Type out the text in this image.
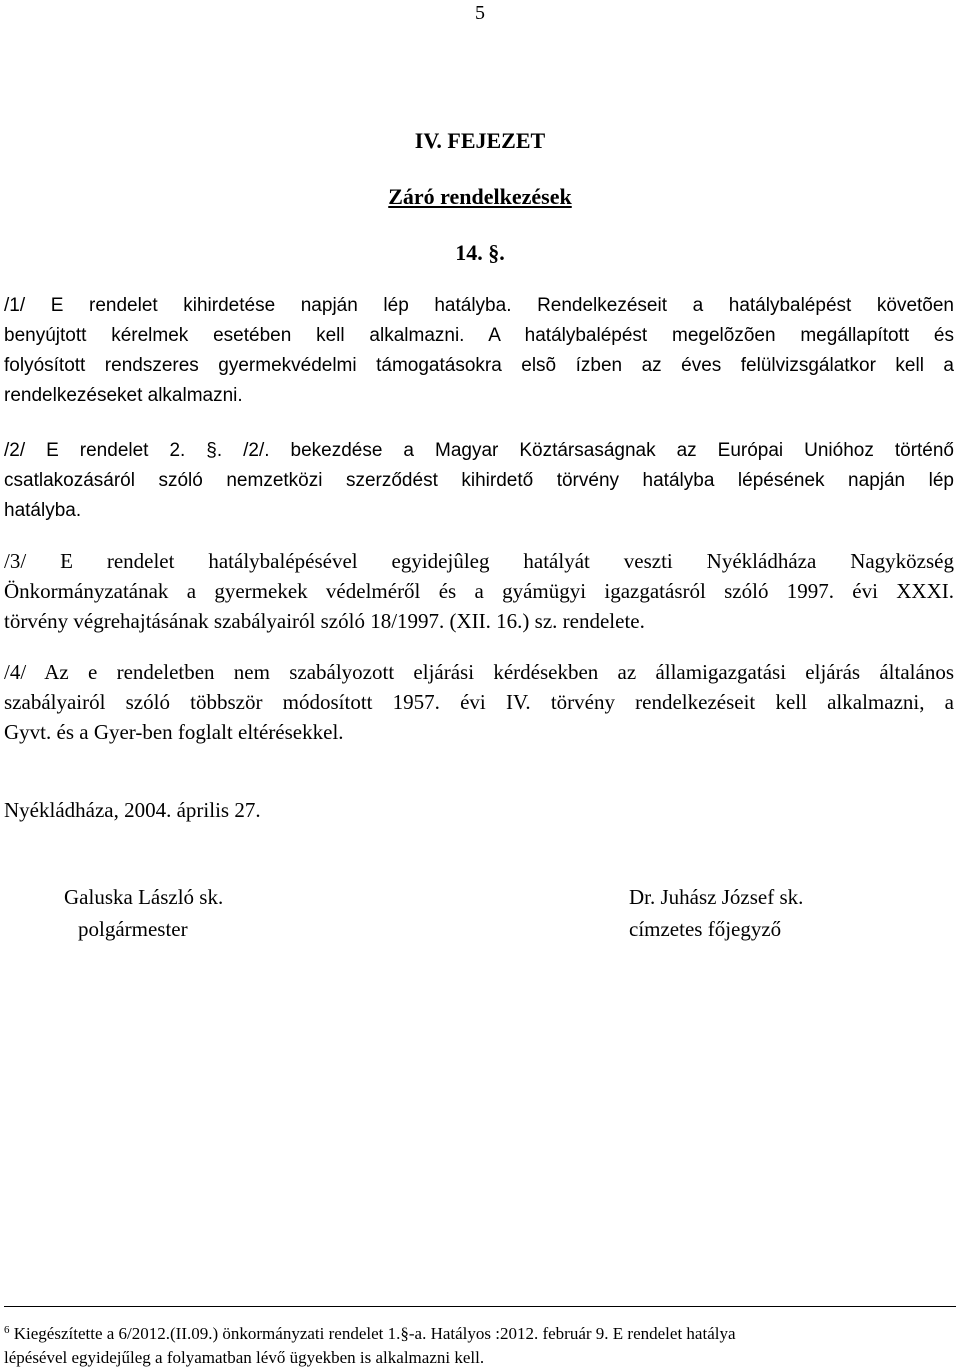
5
IV. FEJEZET
Záró rendelkezések
14. §.
/1/ E rendelet kihirdetése napján lép hatályba. Rendelkezéseit a hatálybalépést követõen
benyújtott kérelmek esetében kell alkalmazni. A hatálybalépést megelõzõen megállapított és
folyósított rendszeres gyermekvédelmi támogatásokra elsõ ízben az éves felülvizsgálatkor kell a
rendelkezéseket alkalmazni.
/2/ E rendelet 2. §. /2/. bekezdése a Magyar Köztársaságnak az Európai Unióhoz történő
csatlakozásáról szóló nemzetközi szerződést kihirdető törvény hatályba lépésének napján lép
hatályba.
/3/ E rendelet hatálybalépésével egyidejûleg hatályát veszti Nyékládháza Nagyközség
Önkormányzatának a gyermekek védelméről és a gyámügyi igazgatásról szóló 1997. évi XXXI.
törvény végrehajtásának szabályairól szóló 18/1997. (XII. 16.) sz. rendelete.
/4/ Az e rendeletben nem szabályozott eljárási kérdésekben az államigazgatási eljárás általános
szabályairól szóló többször módosított 1957. évi IV. törvény rendelkezéseit kell alkalmazni, a
Gyvt. és a Gyer-ben foglalt eltérésekkel.
Nyékládháza, 2004. április 27.
Galuska László sk.
polgármester
Dr. Juhász József sk.
címzetes főjegyző
$^6$ Kiegészítette a 6/2012.(II.09.) önkormányzati rendelet 1.§-a. Hatályos :2012. február 9. E rendelet hatálya
lépésével egyidejűleg a folyamatban lévő ügyekben is alkalmazni kell.
